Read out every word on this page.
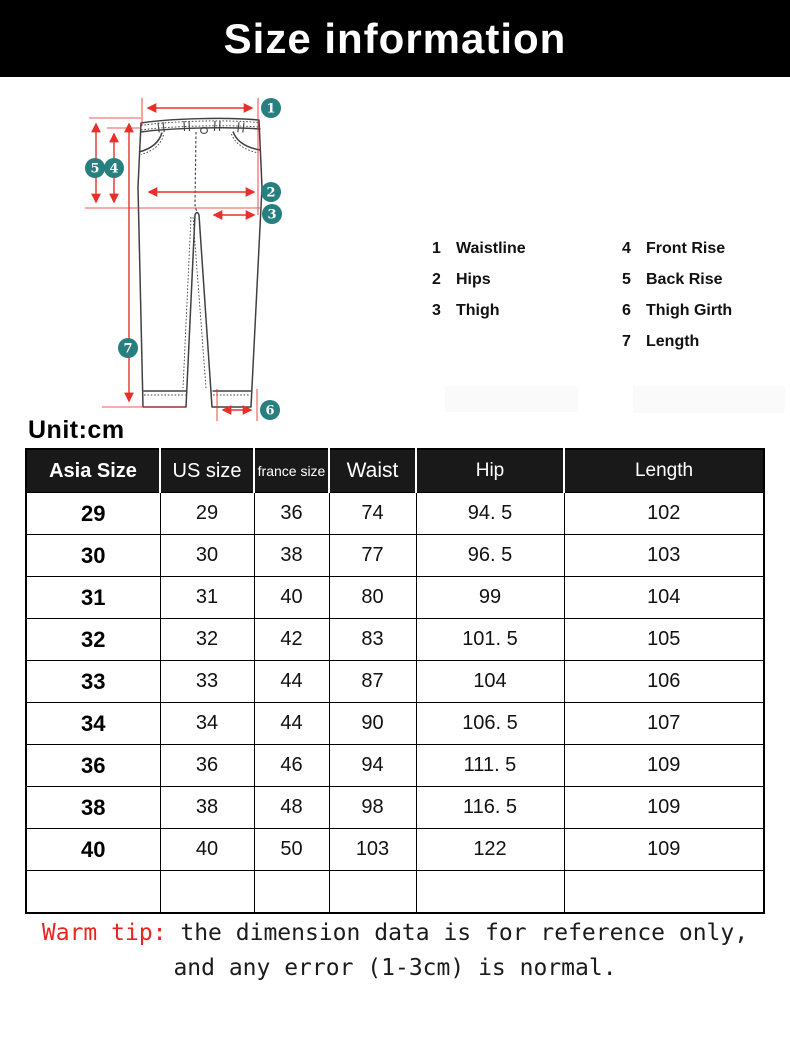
Size information
1
2
3
4
5
6
7
1 Waistline
2 Hips
3 Thigh
4 Front Rise
5 Back Rise
6 Thigh Girth
7 Length
Unit:cm
Asia Size	US size	france size	Waist	Hip	Length
29	29	36	74	94. 5	102
30	30	38	77	96. 5	103
31	31	40	80	99	104
32	32	42	83	101. 5	105
33	33	44	87	104	106
34	34	44	90	106. 5	107
36	36	46	94	111. 5	109
38	38	48	98	116. 5	109
40	40	50	103	122	109

Warm tip: the dimension data is for reference only,
and any error (1-3cm) is normal.
